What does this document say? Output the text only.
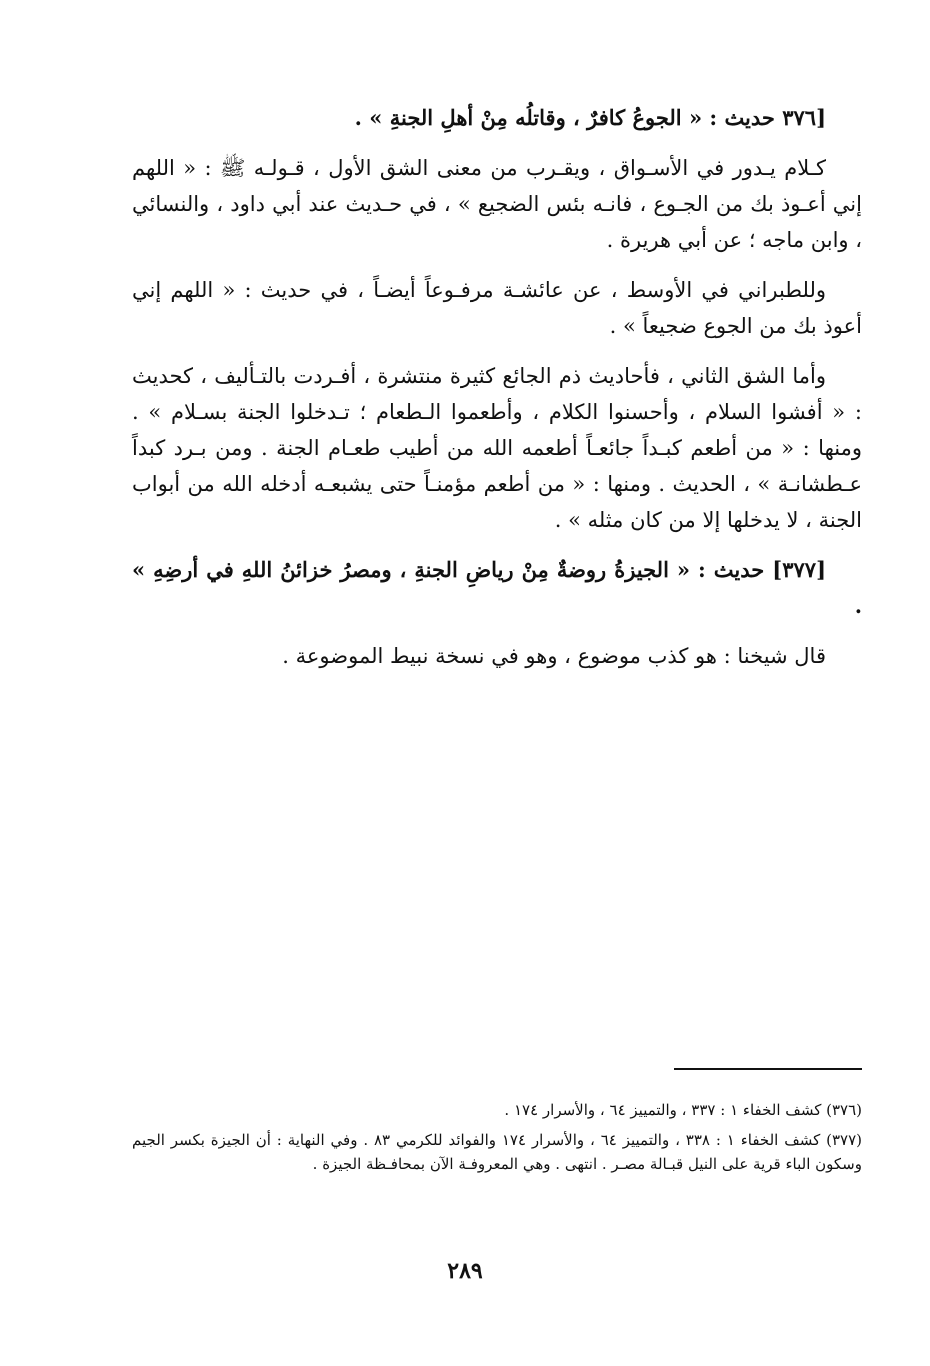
[٣٧٦ حديث : « الجوعُ كافرٌ ، وقاتلُه مِنْ أهلِ الجنةِ » .

كـلام يـدور في الأسـواق ، ويقـرب من معنى الشق الأول ، قـولـه ﷺ : « اللهم إني أعـوذ بك من الجـوع ، فانـه بئس الضجيع » ، في حـديث عند أبي داود ، والنسائي ، وابن ماجه ؛ عن أبي هريرة .

وللطبراني في الأوسط ، عن عائشـة مرفـوعاً أيضـاً ، في حديث : « اللهم إني أعوذ بك من الجوع ضجيعاً » .

وأما الشق الثاني ، فأحاديث ذم الجائع كثيرة منتشرة ، أفـردت بالتـأليف ، كحديث : « أفشوا السلام ، وأحسنوا الكلام ، وأطعموا الـطعام ؛ تـدخلوا الجنة بسـلام » . ومنها : « من أطعم كبـداً جائعـاً أطعمه الله من أطيب طعـام الجنة . ومن بـرد كبداً عـطشانـة » ، الحديث . ومنها : « من أطعم مؤمنـاً حتى يشبعـه أدخله الله من أبواب الجنة ، لا يدخلها إلا من كان مثله » .

[٣٧٧] حديث : « الجيزةُ روضةٌ مِنْ رياضِ الجنةِ ، ومصرُ خزائنُ اللهِ في أرضِهِ » .

قال شيخنا : هو كذب موضوع ، وهو في نسخة نبيط الموضوعة .

(٣٧٦) كشف الخفاء ١ : ٣٣٧ ، والتمييز ٦٤ ، والأسرار ١٧٤ .

(٣٧٧) كشف الخفاء ١ : ٣٣٨ ، والتمييز ٦٤ ، والأسرار ١٧٤ والفوائد للكرمي ٨٣ . وفي النهاية : أن الجيزة بكسر الجيم وسكون الباء قرية على النيل قبـالة مصـر . انتهى . وهي المعروفـة الآن بمحافـظة الجيزة .

٢٨٩
